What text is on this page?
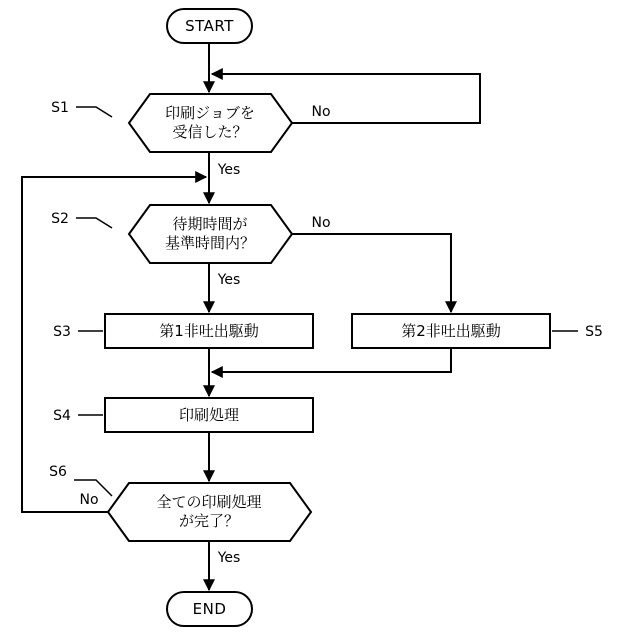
START
印刷ジョブを
受信した？
待期時間が
基準時間内？
第1非吐出駆動	第2非吐出駆動
印刷処理
全ての印刷処理
が完了？
END
S1
S2
S3	S5
S4
S6
No
Yes
No
Yes
No
Yes
